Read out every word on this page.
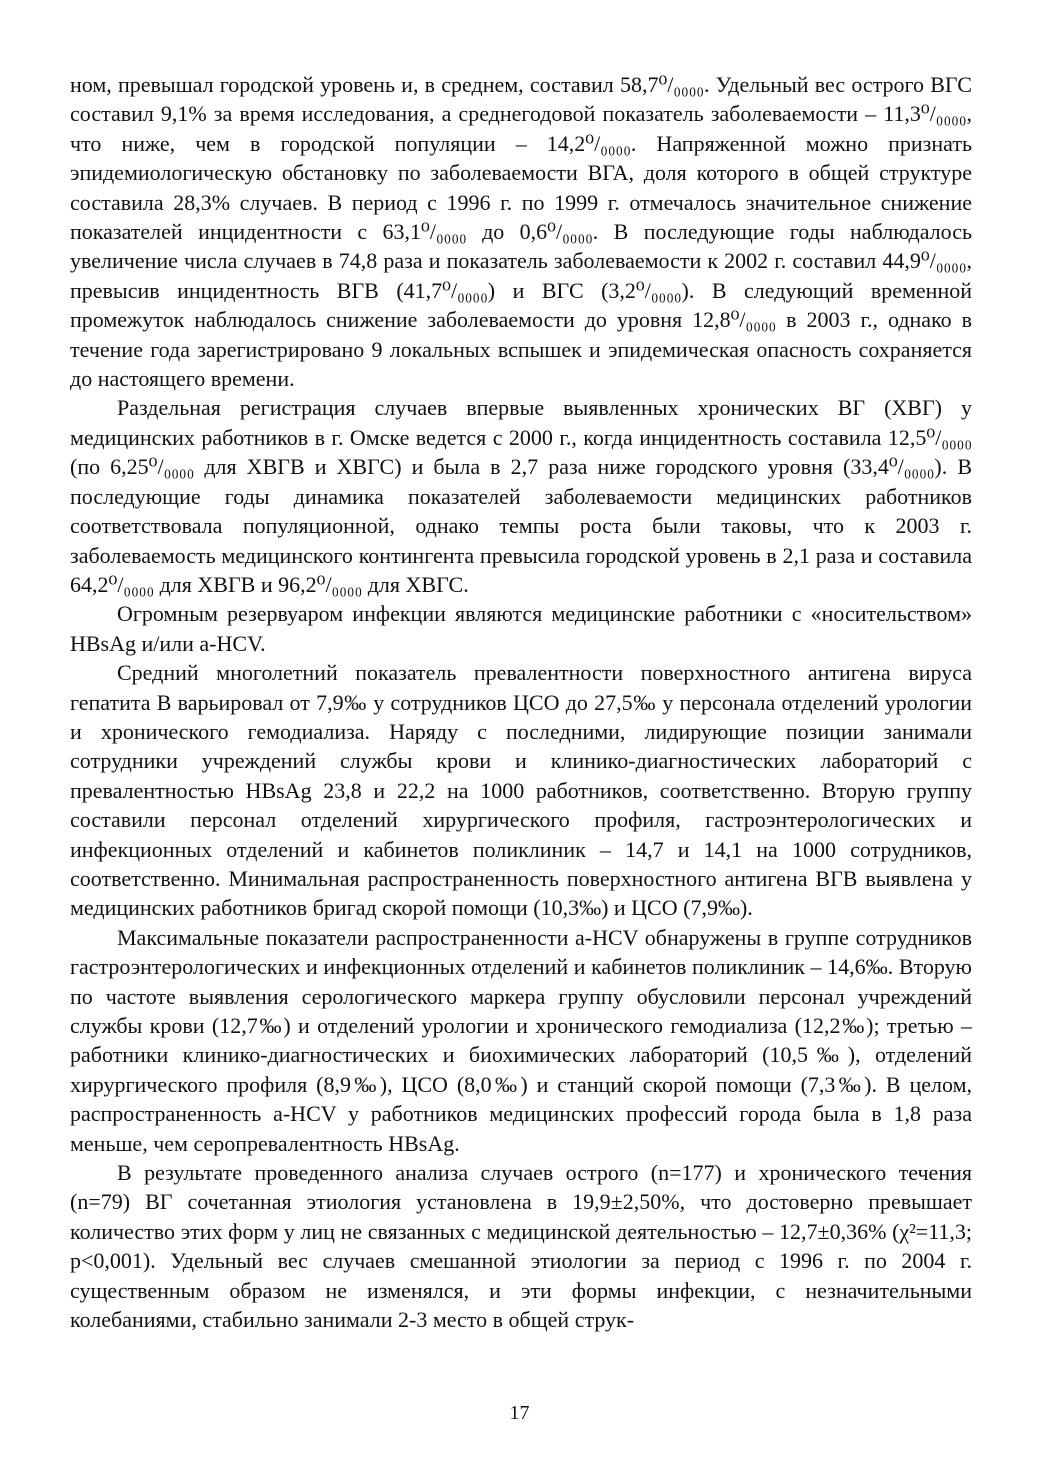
ном, превышал городской уровень и, в среднем, составил 58,7⁰/₀₀₀₀. Удельный вес острого ВГС составил 9,1% за время исследования, а среднегодовой показатель заболеваемости – 11,3⁰/₀₀₀₀, что ниже, чем в городской популяции – 14,2⁰/₀₀₀₀. Напряженной можно признать эпидемиологическую обстановку по заболеваемости ВГА, доля которого в общей структуре составила 28,3% случаев. В период с 1996 г. по 1999 г. отмечалось значительное снижение показателей инцидентности с 63,1⁰/₀₀₀₀ до 0,6⁰/₀₀₀₀. В последующие годы наблюдалось увеличение числа случаев в 74,8 раза и показатель заболеваемости к 2002 г. составил 44,9⁰/₀₀₀₀, превысив инцидентность ВГВ (41,7⁰/₀₀₀₀) и ВГС (3,2⁰/₀₀₀₀). В следующий временной промежуток наблюдалось снижение заболеваемости до уровня 12,8⁰/₀₀₀₀ в 2003 г., однако в течение года зарегистрировано 9 локальных вспышек и эпидемическая опасность сохраняется до настоящего времени.

Раздельная регистрация случаев впервые выявленных хронических ВГ (ХВГ) у медицинских работников в г. Омске ведется с 2000 г., когда инцидентность составила 12,5⁰/₀₀₀₀ (по 6,25⁰/₀₀₀₀ для ХВГВ и ХВГС) и была в 2,7 раза ниже городского уровня (33,4⁰/₀₀₀₀). В последующие годы динамика показателей заболеваемости медицинских работников соответствовала популяционной, однако темпы роста были таковы, что к 2003 г. заболеваемость медицинского контингента превысила городской уровень в 2,1 раза и составила 64,2⁰/₀₀₀₀ для ХВГВ и 96,2⁰/₀₀₀₀ для ХВГС.

Огромным резервуаром инфекции являются медицинские работники с «носительством» HBsAg и/или a-HCV.

Средний многолетний показатель превалентности поверхностного антигена вируса гепатита В варьировал от 7,9‰ у сотрудников ЦСО до 27,5‰ у персонала отделений урологии и хронического гемодиализа. Наряду с последними, лидирующие позиции занимали сотрудники учреждений службы крови и клинико-диагностических лабораторий с превалентностью HBsAg 23,8 и 22,2 на 1000 работников, соответственно. Вторую группу составили персонал отделений хирургического профиля, гастроэнтерологических и инфекционных отделений и кабинетов поликлиник – 14,7 и 14,1 на 1000 сотрудников, соответственно. Минимальная распространенность поверхностного антигена ВГВ выявлена у медицинских работников бригад скорой помощи (10,3‰) и ЦСО (7,9‰).

Максимальные показатели распространенности a-HCV обнаружены в группе сотрудников гастроэнтерологических и инфекционных отделений и кабинетов поликлиник – 14,6‰. Вторую по частоте выявления серологического маркера группу обусловили персонал учреждений службы крови (12,7‰) и отделений урологии и хронического гемодиализа (12,2‰); третью – работники клинико-диагностических и биохимических лабораторий (10,5‰), отделений хирургического профиля (8,9‰), ЦСО (8,0‰) и станций скорой помощи (7,3‰). В целом, распространенность a-HCV у работников медицинских профессий города была в 1,8 раза меньше, чем серопревалентность HBsAg.

В результате проведенного анализа случаев острого (n=177) и хронического течения (n=79) ВГ сочетанная этиология установлена в 19,9±2,50%, что достоверно превышает количество этих форм у лиц не связанных с медицинской деятельностью – 12,7±0,36% (χ²=11,3; p<0,001). Удельный вес случаев смешанной этиологии за период с 1996 г. по 2004 г. существенным образом не изменялся, и эти формы инфекции, с незначительными колебаниями, стабильно занимали 2-3 место в общей струк-

17
